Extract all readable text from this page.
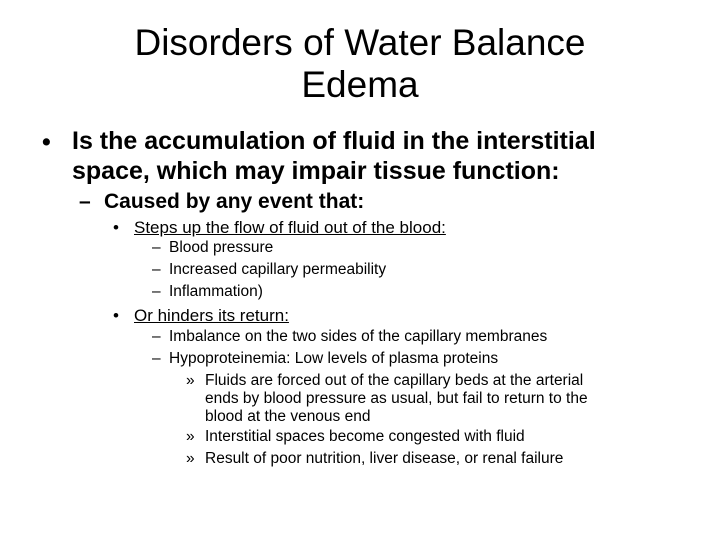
Disorders of Water Balance
Edema
• Is the accumulation of fluid in the interstitial
space, which may impair tissue function:
– Caused by any event that:
• Steps up the flow of fluid out of the blood:
– Blood pressure
– Increased capillary permeability
– Inflammation)
• Or hinders its return:
– Imbalance on the two sides of the capillary membranes
– Hypoproteinemia: Low levels of plasma proteins
» Fluids are forced out of the capillary beds at the arterial
ends by blood pressure as usual, but fail to return to the
blood at the venous end
» Interstitial spaces become congested with fluid
» Result of poor nutrition, liver disease, or renal failure
